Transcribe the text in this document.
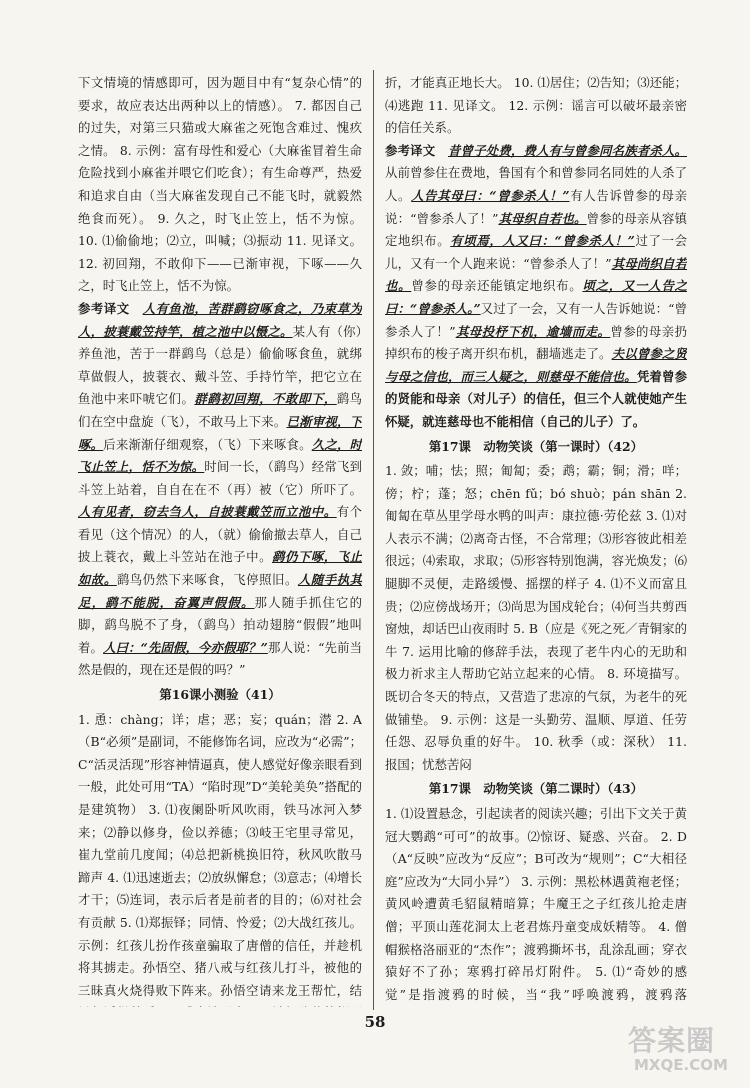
下文情境的情感即可，因为题目中有“复杂心情”的要求，故应表达出两种以上的情感）。 7. 都因自己的过失，对第三只猫或大麻雀之死饱含难过、愧疚之情。 8. 示例：富有母性和爱心（大麻雀冒着生命危险找到小麻雀并喂它们吃食）；有生命尊严，热爱和追求自由（当大麻雀发现自己不能飞时，就毅然绝食而死）。 9. 久之，时飞止笠上，恬不为惊。 10. ⑴偷偷地；⑵立，叫喊；⑶振动 11. 见译文。 12. 初回翔，不敢仰下——已渐审视，下啄——久之，时飞止笠上，恬不为惊。

参考译文　 人有鱼池，苦群鹞窃啄食之，乃束草为人，披蓑戴笠持竿，植之池中以慑之。某人有（你）养鱼池，苦于一群鹞鸟（总是）偷偷啄食鱼，就绑草做假人，披蓑衣、戴斗笠、手持竹竿，把它立在鱼池中来吓唬它们。群鹞初回翔，不敢即下，鹞鸟们在空中盘旋（飞），不敢马上下来。已渐审视，下啄。后来渐渐仔细观察，（飞）下来啄食。久之，时飞止笠上，恬不为惊。时间一长，（鹞鸟）经常飞到斗笠上站着，自自在在不（再）被（它）所吓了。人有见者，窃去刍人，自披蓑戴笠而立池中。有个看见（这个情况）的人，（就）偷偷撤去草人，自己披上蓑衣，戴上斗笠站在池子中。鹞仍下啄，飞止如故。鹞鸟仍然下来啄食，飞停照旧。人随手执其足，鹞不能脱，奋翼声假假。那人随手抓住它的脚，鹞鸟脱不了身，（鹞鸟）拍动翅膀“假假”地叫着。人曰：“先固假，今亦假耶？”那人说：“先前当然是假的，现在还是假的吗？”

第16课小测验（41）

1. 恿：chàng；详；虐；恶；妄；quán；潜 2. A（B“必须”是副词，不能修饰名词，应改为“必需”；C“活灵活现”形容神情逼真，使人感觉好像亲眼看到一般，此处可用“TA）“陷时现”D“美轮美奂”搭配的是建筑物） 3. ⑴夜阑卧听风吹雨，铁马冰河入梦来；⑵静以修身，俭以养德；⑶岐王宅里寻常见，崔九堂前几度闻；⑷总把新桃换旧符，秋风吹散马蹄声 4. ⑴迅速逝去；⑵放纵懈怠；⑶意志；⑷增长才干；⑸连词，表示后者是前者的目的；⑹对社会有贡献 5. ⑴郑振铎；同情、怜爱；⑵大战红孩儿。示例：红孩儿扮作孩童骗取了唐僧的信任，并趁机将其掳走。孙悟空、猪八戒与红孩儿打斗，被他的三昧真火烧得败下阵来。孙悟空请来龙王帮忙，结

折，才能真正地长大。 10. ⑴居住；⑵告知；⑶还能；⑷逃跑 11. 见译文。 12. 示例：谣言可以破坏最亲密的信任关系。

参考译文　 昔曾子处费，费人有与曾参同名族者杀人。从前曾参住在费地，鲁国有个和曾参同名同姓的人杀了人。人告其母曰：“曾参杀人！”有人告诉曾参的母亲说：“曾参杀人了！”其母织自若也。曾参的母亲从容镇定地织布。有顷焉，人又曰：“曾参杀人！”过了一会儿，又有一个人跑来说：“曾参杀人了！”其母尚织自若也。曾参的母亲还能镇定地织布。顷之，又一人告之曰：“曾参杀人。”又过了一会，又有一人告诉她说：“曾参杀人了！”其母投杼下机，逾墙而走。曾参的母亲扔掉织布的梭子离开织布机，翻墙逃走了。夫以曾参之贤与母之信也，而三人疑之，则慈母不能信也。凭着曾参的贤能和母亲（对儿子）的信任，但三个人就使她产生怀疑，就连慈母也不能相信（自己的儿子）了。

第17课　动物笑谈（第一课时）（42）

1. 敛；哺；怯；照；匍匐；委；鹉；霸；铜；滑；咩；傍；柠；蓬；怒；chēn fǔ；bó shuò；pán shān 2. 匍匐在草丛里学母水鸭的叫声：康拉德·劳伦兹 3. ⑴对人表示不满；⑵离奇古怪，不合常理；⑶形容彼此相差很远；⑷索取，求取；⑸形容特别饱满，容光焕发；⑹腿脚不灵便，走路缓慢、摇摆的样子 4. ⑴不义而富且贵；⑵应傍战场开；⑶尚思为国戍轮台；⑷何当共剪西窗烛，却话巴山夜雨时 5. B（应是《死之死／青铜家的牛 7. 运用比喻的修辞手法，表现了老牛内心的无助和极力祈求主人帮助它站立起来的心情。 8. 环境描写。既切合冬天的特点，又营造了悲凉的气氛，为老牛的死做铺垫。 9. 示例：这是一头勤劳、温顺、厚道、任劳任怨、忍辱负重的好牛。 10. 秋季（或：深秋） 11. 报国；忧愁苦闷

第17课　动物笑谈（第二课时）（43）

1. ⑴设置悬念，引起读者的阅读兴趣；引出下文关于黄冠大鹦鹉“可可”的故事。⑵惊讶、疑惑、兴奋。 2. D（A“反映”应改为“反应”；B可改为“规则”；C“大相径庭”应改为“大同小异”） 3. 示例：黑松林遇黄袍老怪；黄风岭遭黄毛貂鼠精暗算；牛魔王之子红孩儿抢走唐僧；平顶山莲花洞太上老君炼丹童变成妖精等。 4. 僧帽猴格洛丽亚的“杰作”；渡鸦撕坏书，乱涂乱画；穿衣猿好不了孙；寒鸦打碎吊灯附件。 5. ⑴“奇妙的感觉”是指渡鸦的时候，当“我”呼唤渡鸦，渡鸦落

58
答案圈
MXQE.COM
